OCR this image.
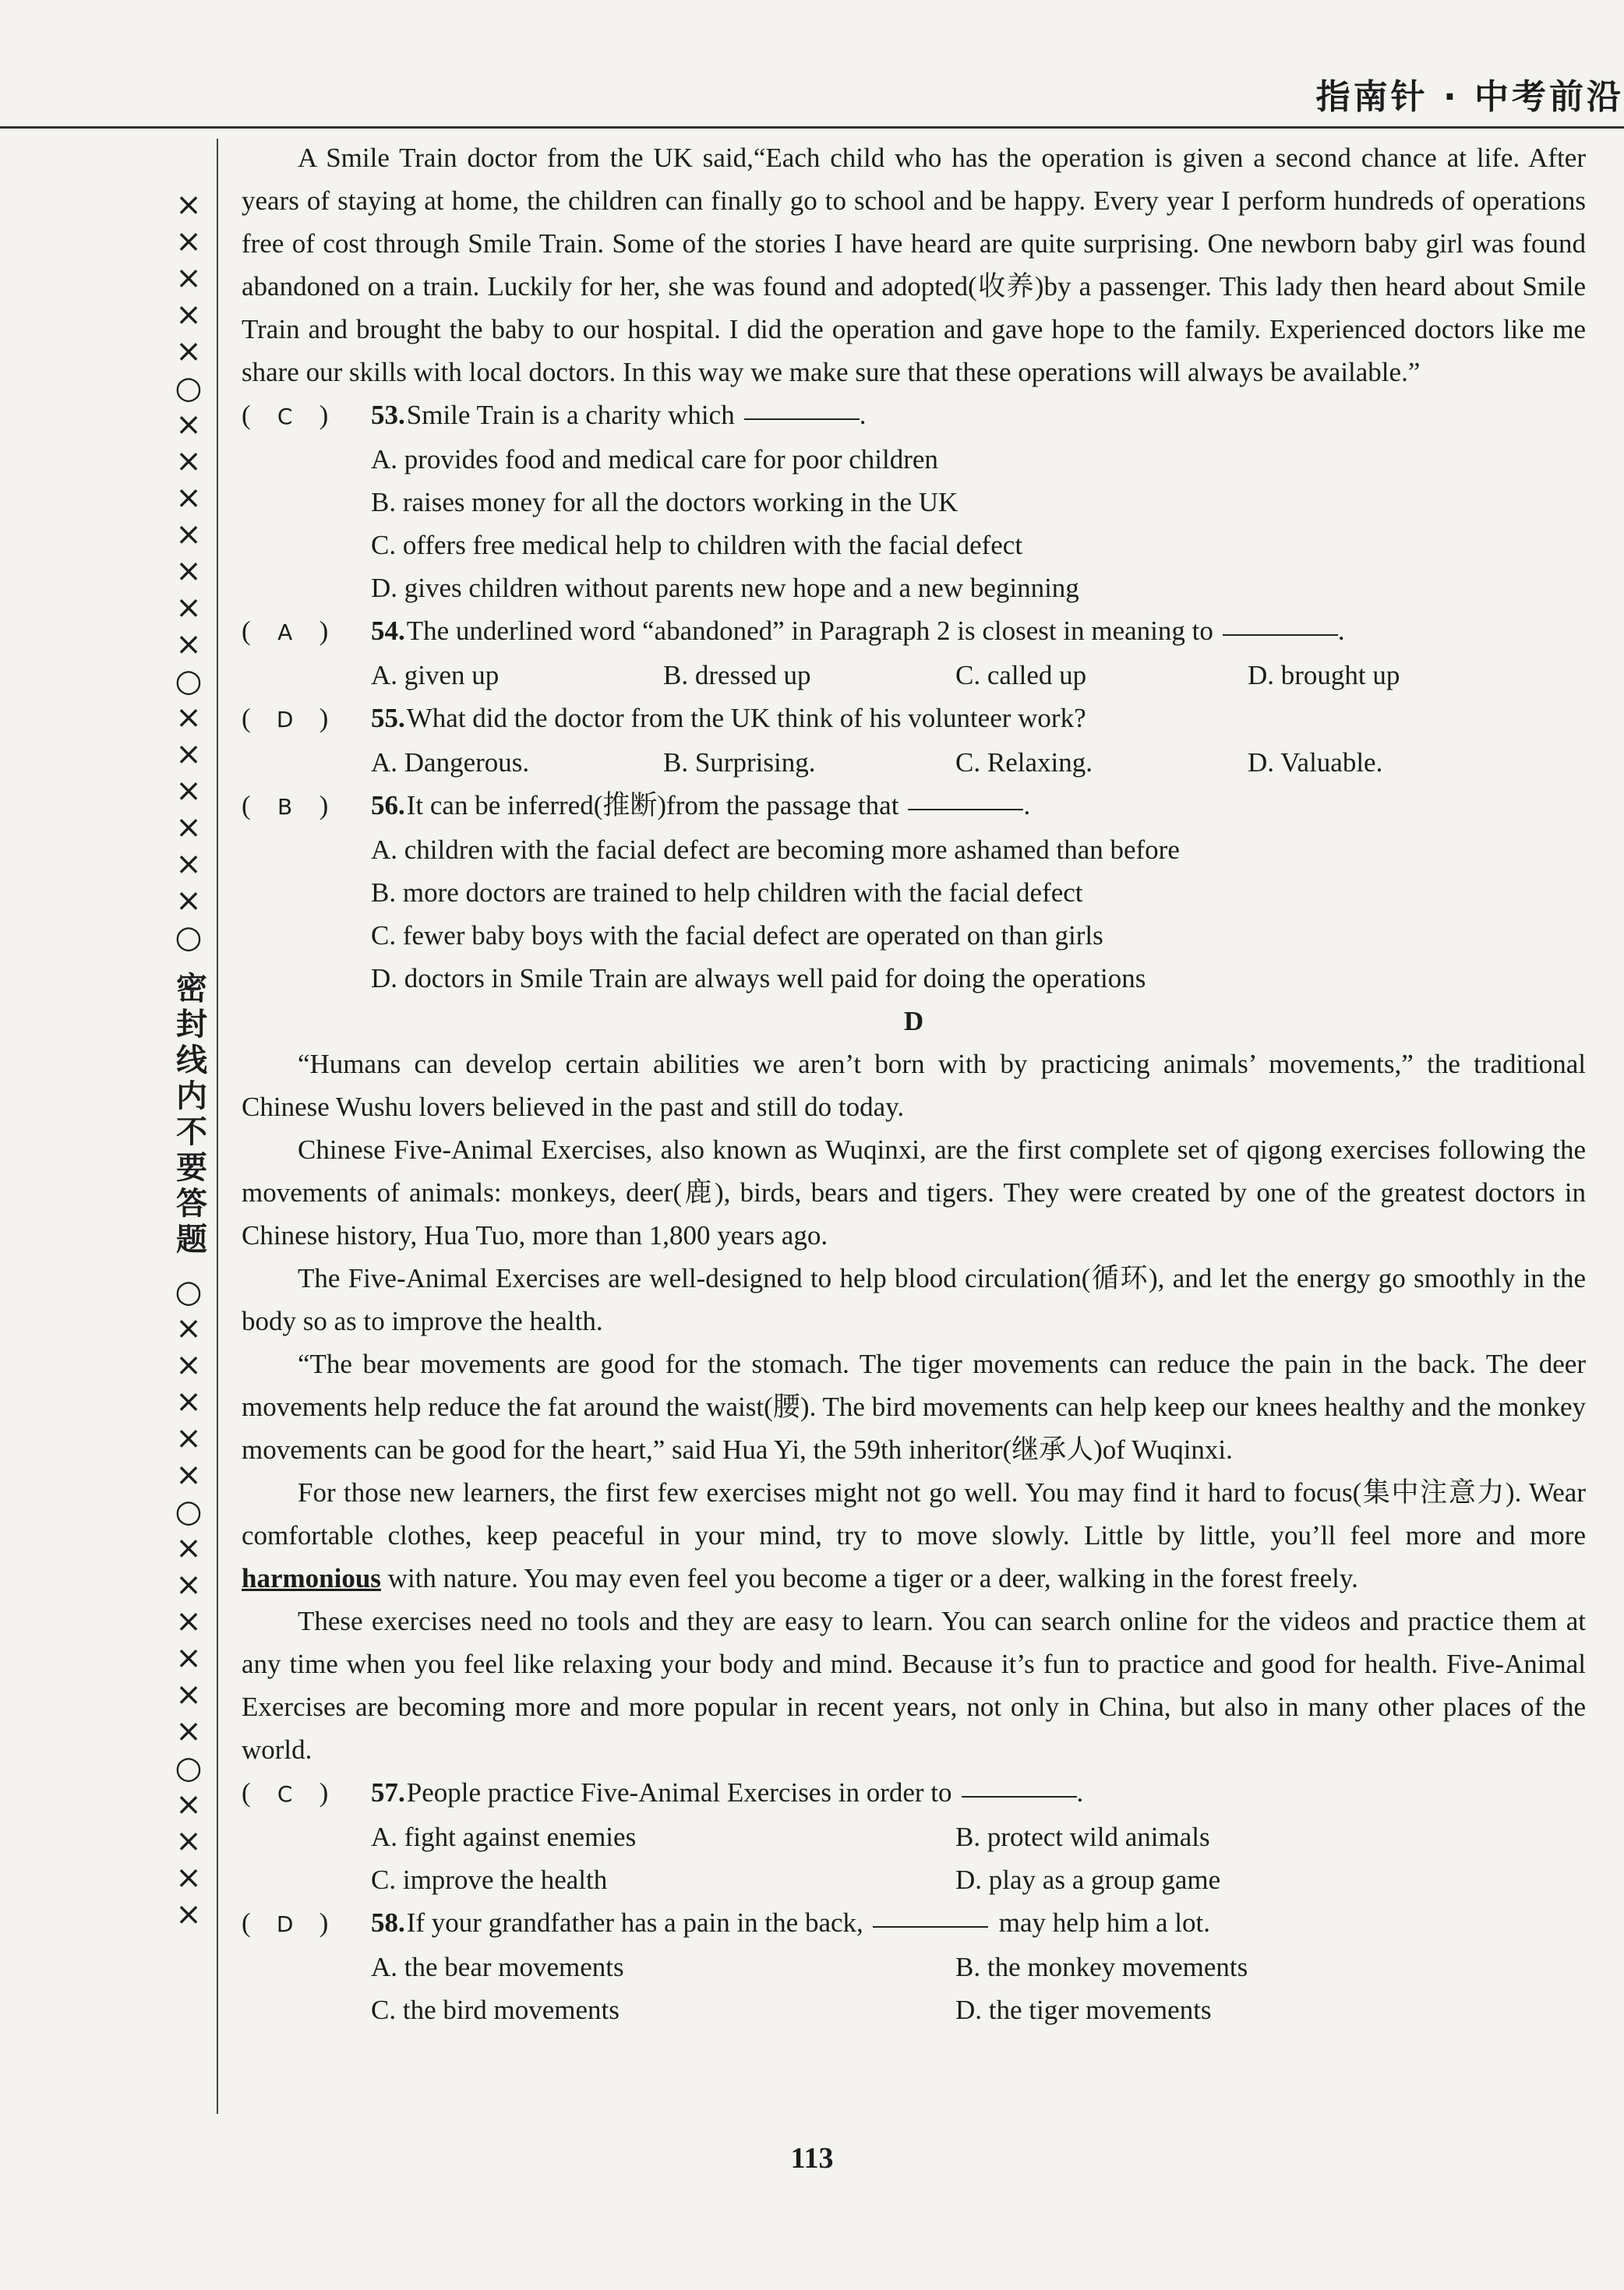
指南针 · 中考前沿
×
×
×
×
×
○
×
×
×
×
×
×
×
○
×
×
×
×
×
×
○
密封线内不要答题
○
×
×
×
×
×
○
×
×
×
×
×
×
○
×
×
×
×

A Smile Train doctor from the UK said,“Each child who has the operation is given a second chance at life. After years of staying at home, the children can finally go to school and be happy. Every year I perform hundreds of operations free of cost through Smile Train. Some of the stories I have heard are quite surprising. One newborn baby girl was found abandoned on a train. Luckily for her, she was found and adopted(收养)by a passenger. This lady then heard about Smile Train and brought the baby to our hospital. I did the operation and gave hope to the family. Experienced doctors like me share our skills with local doctors. In this way we make sure that these operations will always be available.”

( C )	53. Smile Train is a charity which	.
A. provides food and medical care for poor children
B. raises money for all the doctors working in the UK
C. offers free medical help to children with the facial defect
D. gives children without parents new hope and a new beginning
( A )	54. The underlined word “abandoned” in Paragraph 2 is closest in meaning to	.
A. given up	B. dressed up	C. called up	D. brought up
( D )	55. What did the doctor from the UK think of his volunteer work?
A. Dangerous.	B. Surprising.	C. Relaxing.	D. Valuable.
( B )	56. It can be inferred(推断)from the passage that	.
A. children with the facial defect are becoming more ashamed than before
B. more doctors are trained to help children with the facial defect
C. fewer baby boys with the facial defect are operated on than girls
D. doctors in Smile Train are always well paid for doing the operations
D

“Humans can develop certain abilities we aren’t born with by practicing animals’ movements,” the traditional Chinese Wushu lovers believed in the past and still do today.

Chinese Five-Animal Exercises, also known as Wuqinxi, are the first complete set of qigong exercises following the movements of animals: monkeys, deer(鹿), birds, bears and tigers. They were created by one of the greatest doctors in Chinese history, Hua Tuo, more than 1,800 years ago.

The Five-Animal Exercises are well-designed to help blood circulation(循环), and let the energy go smoothly in the body so as to improve the health.

“The bear movements are good for the stomach. The tiger movements can reduce the pain in the back. The deer movements help reduce the fat around the waist(腰). The bird movements can help keep our knees healthy and the monkey movements can be good for the heart,” said Hua Yi, the 59th inheritor(继承人)of Wuqinxi.

For those new learners, the first few exercises might not go well. You may find it hard to focus(集中注意力). Wear comfortable clothes, keep peaceful in your mind, try to move slowly. Little by little, you’ll feel more and more harmonious with nature. You may even feel you become a tiger or a deer, walking in the forest freely.

These exercises need no tools and they are easy to learn. You can search online for the videos and practice them at any time when you feel like relaxing your body and mind. Because it’s fun to practice and good for health. Five-Animal Exercises are becoming more and more popular in recent years, not only in China, but also in many other places of the world.

( C )	57. People practice Five-Animal Exercises in order to	.
A. fight against enemies	B. protect wild animals
C. improve the health	D. play as a group game
( D )	58. If your grandfather has a pain in the back,	may help him a lot.
A. the bear movements	B. the monkey movements
C. the bird movements	D. the tiger movements
113
